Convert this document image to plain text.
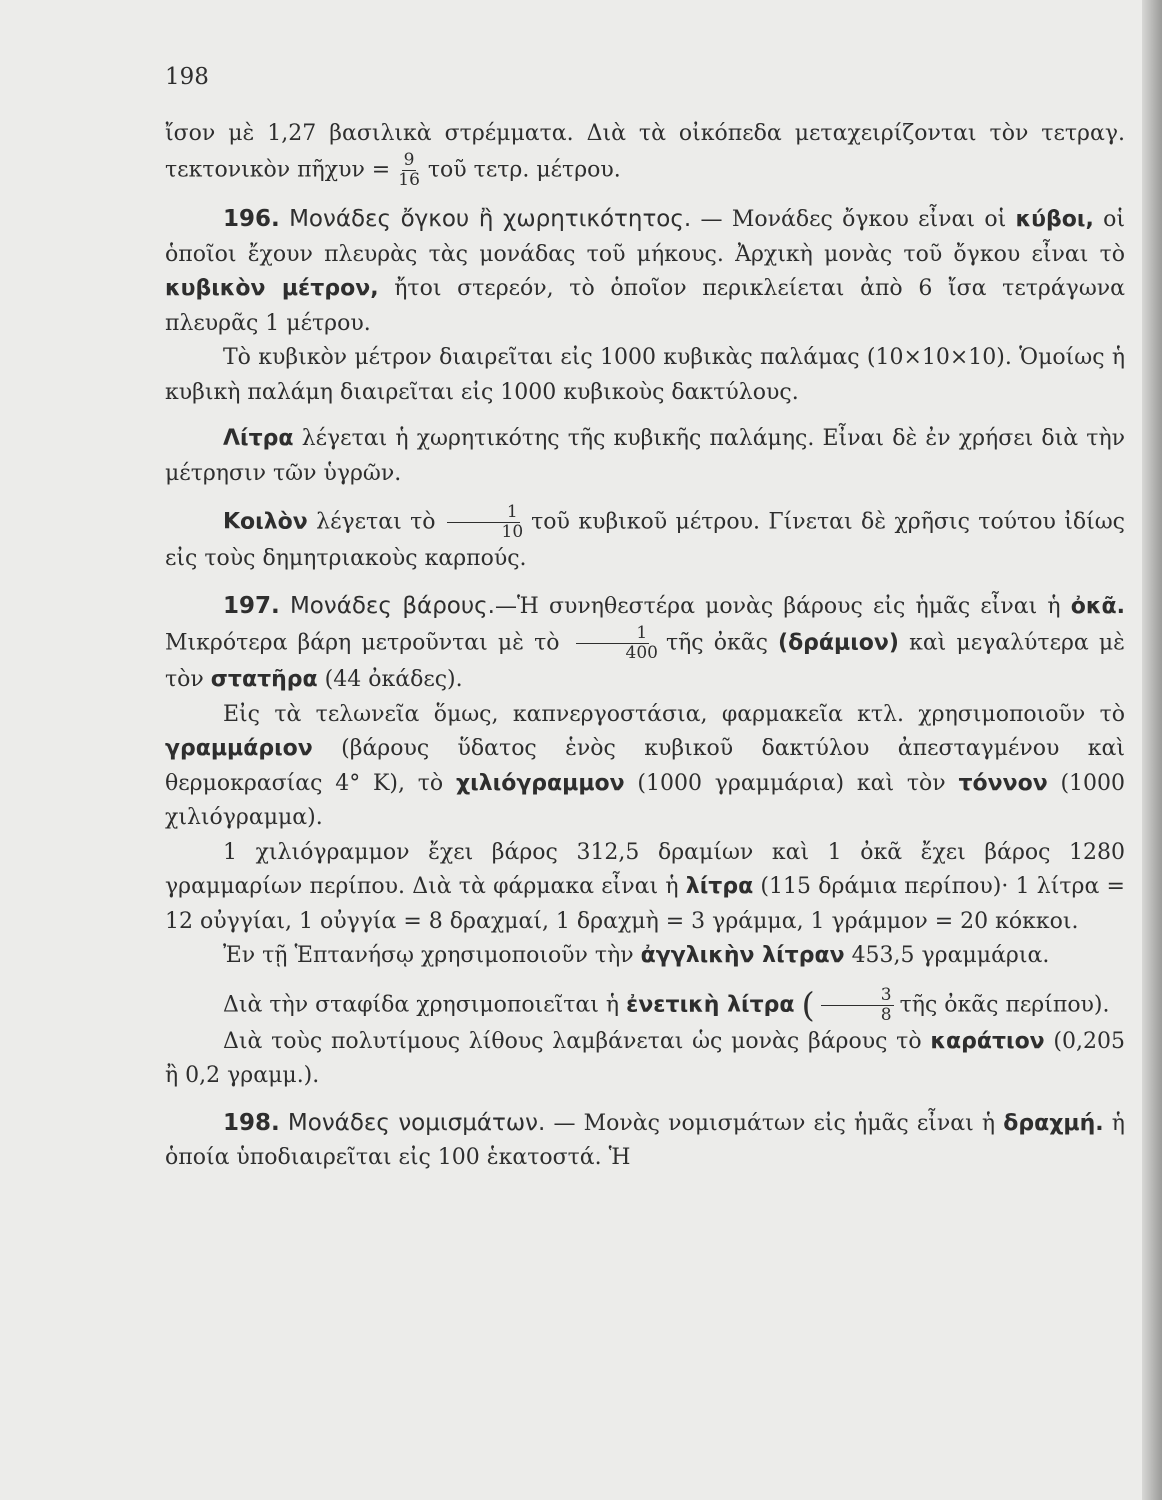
198

ἴσον μὲ 1,27 βασιλικὰ στρέμματα. Διὰ τὰ οἰκόπεδα μεταχειρίζονται τὸν τετραγ. τεκτονικὸν πῆχυν = $\frac{9}{16}$ τοῦ τετρ. μέτρου.

196. Μονάδες ὄγκου ἢ χωρητικότητος. — Μονάδες ὄγκου εἶναι οἱ κύβοι, οἱ ὁποῖοι ἔχουν πλευρὰς τὰς μονάδας τοῦ μήκους. Ἀρχικὴ μονὰς τοῦ ὄγκου εἶναι τὸ κυβικὸν μέτρον, ἤτοι στερεόν, τὸ ὁποῖον περικλείεται ἀπὸ 6 ἴσα τετράγωνα πλευρᾶς 1 μέτρου.

Τὸ κυβικὸν μέτρον διαιρεῖται εἰς 1000 κυβικὰς παλάμας (10×10×10). Ὁμοίως ἡ κυβικὴ παλάμη διαιρεῖται εἰς 1000 κυβικοὺς δακτύλους.

Λίτρα λέγεται ἡ χωρητικότης τῆς κυβικῆς παλάμης. Εἶναι δὲ ἐν χρήσει διὰ τὴν μέτρησιν τῶν ὑγρῶν.

Κοιλὸν λέγεται τὸ $\frac{1}{10}$ τοῦ κυβικοῦ μέτρου. Γίνεται δὲ χρῆσις τούτου ἰδίως εἰς τοὺς δημητριακοὺς καρπούς.

197. Μονάδες βάρους.—Ἡ συνηθεστέρα μονὰς βάρους εἰς ἡμᾶς εἶναι ἡ ὀκᾶ. Μικρότερα βάρη μετροῦνται μὲ τὸ $\frac{1}{400}$ τῆς ὀκᾶς (δράμιον) καὶ μεγαλύτερα μὲ τὸν στατῆρα (44 ὀκάδες).

Εἰς τὰ τελωνεῖα ὅμως, καπνεργοστάσια, φαρμακεῖα κτλ. χρησιμοποιοῦν τὸ γραμμάριον (βάρους ὕδατος ἑνὸς κυβικοῦ δακτύλου ἀπεσταγμένου καὶ θερμοκρασίας 4° Κ), τὸ χιλιόγραμμον (1000 γραμμάρια) καὶ τὸν τόννον (1000 χιλιόγραμμα).

1 χιλιόγραμμον ἔχει βάρος 312,5 δραμίων καὶ 1 ὀκᾶ ἔχει βάρος 1280 γραμμαρίων περίπου. Διὰ τὰ φάρμακα εἶναι ἡ λίτρα (115 δράμια περίπου)· 1 λίτρα = 12 οὐγγίαι, 1 οὐγγία = 8 δραχμαί, 1 δραχμὴ = 3 γράμμα, 1 γράμμον = 20 κόκκοι.

Ἐν τῇ Ἑπτανήσῳ χρησιμοποιοῦν τὴν ἀγγλικὴν λίτραν 453,5 γραμμάρια.

Διὰ τὴν σταφίδα χρησιμοποιεῖται ἡ ἐνετικὴ λίτρα ( $\frac{3}{8}$ τῆς ὀκᾶς περίπου).

Διὰ τοὺς πολυτίμους λίθους λαμβάνεται ὡς μονὰς βάρους τὸ καράτιον (0,205 ἢ 0,2 γραμμ.).

198. Μονάδες νομισμάτων. — Μονὰς νομισμάτων εἰς ἡμᾶς εἶναι ἡ δραχμή. ἡ ὁποία ὑποδιαιρεῖται εἰς 100 ἑκατοστά. Ἡ
